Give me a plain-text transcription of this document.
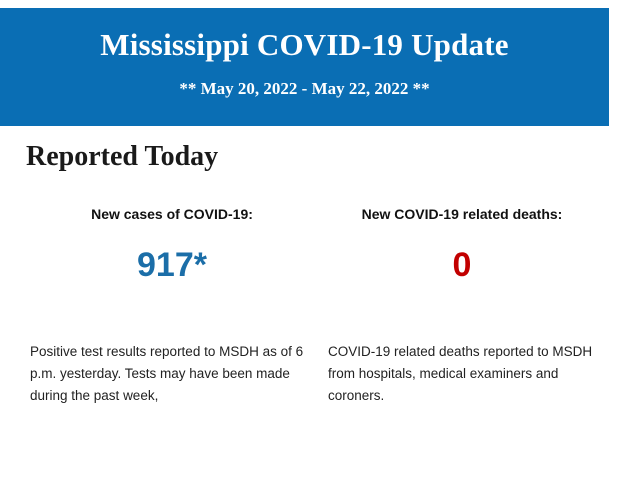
Mississippi COVID-19 Update
** May 20, 2022 - May 22, 2022 **
Reported Today
New cases of COVID-19:
917*
Positive test results reported to MSDH as of 6 p.m. yesterday. Tests may have been made during the past week,
New COVID-19 related deaths:
0
COVID-19 related deaths reported to MSDH from hospitals, medical examiners and coroners.
